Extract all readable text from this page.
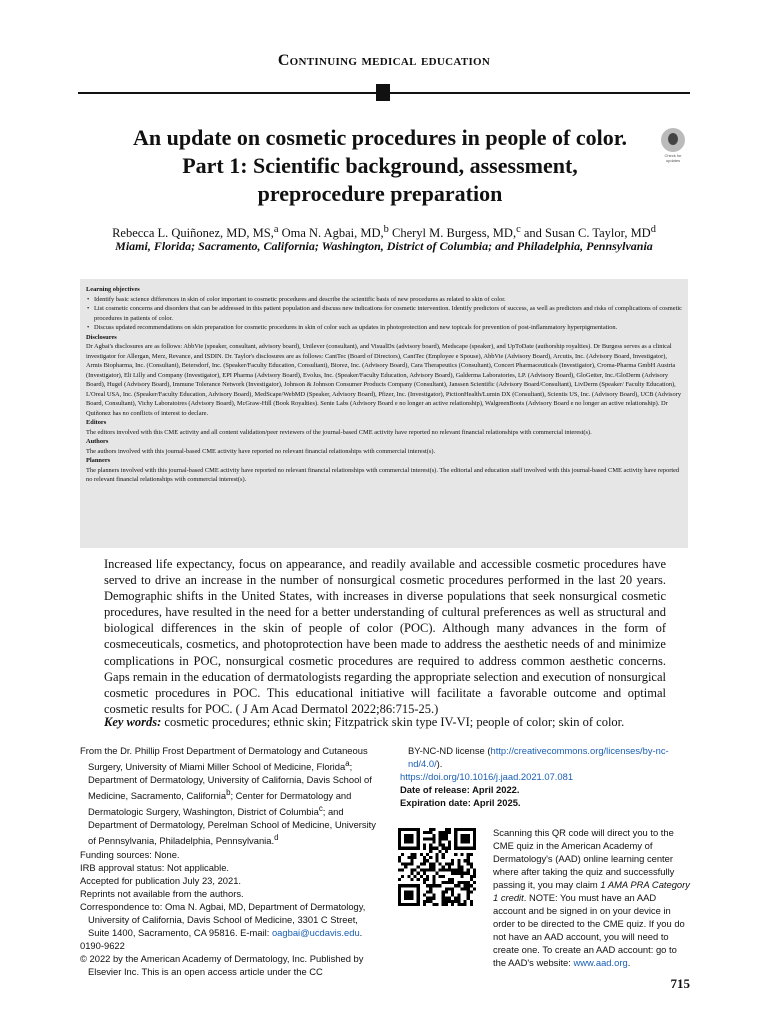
Continuing medical education
An update on cosmetic procedures in people of color. Part 1: Scientific background, assessment, preprocedure preparation
Check for updates
Rebecca L. Quiñonez, MD, MS,$^a$ Oma N. Agbai, MD,$^b$ Cheryl M. Burgess, MD,$^c$ and Susan C. Taylor, $MD^d$
Miami, Florida; Sacramento, California; Washington, District of Columbia; and Philadelphia, Pennsylvania
Learning objectives
• Identify basic science differences in skin of color important to cosmetic procedures and describe the scientific basis of new procedures as related to skin of color.
• List cosmetic concerns and disorders that can be addressed in this patient population and discuss new indications for cosmetic intervention. Identify predictors of success, as well as predictors and risks of complications of cosmetic procedures in patients of color.
• Discuss updated recommendations on skin preparation for cosmetic procedures in skin of color such as updates in photoprotection and new topicals for prevention of post-inflammatory hyperpigmentation.
Disclosures

Dr Agbai's disclosures are as follows: AbbVie (speaker, consultant, advisory board), Unilever (consultant), and VisualDx (advisory board), Medscape (speaker), and UpToDate (authorship royalties). Dr Burgess serves as a clinical investigator for Allergan, Merz, Revance, and ISDIN. Dr. Taylor's disclosures are as follows: CantTec (Board of Directors), CantTec (Employee e Spouse), AbbVie (Advisory Board), Arcutis, Inc. (Advisory Board, Investigator), Armis Biopharma, Inc. (Consultant), Beiersdorf, Inc. (Speaker/Faculty Education, Consultant), Biorez, Inc. (Advisory Board), Cara Therapeutics (Consultant), Concert Pharmaceuticals (Investigator), Croma-Pharma GmbH Austria (Investigator), Eli Lilly and Company (Investigator), EPI Pharma (Advisory Board), Evolus, Inc. (Speaker/Faculty Education, Advisory Board), Galderma Laboratories, LP. (Advisory Board), GloGetter, Inc./GloDerm (Advisory Board), Hugel (Advisory Board), Immune Tolerance Network (Investigator), Johnson & Johnson Consumer Products Company (Consultant), Janssen Scientific (Advisory Board/Consultant), LivDerm (Speaker/ Faculty Education), L'Oreal USA, Inc. (Speaker/Faculty Education, Advisory Board), MedScape/WebMD (Speaker, Advisory Board), Pfizer, Inc. (Investigator), PictionHealth/Lumin DX (Consultant), Scientis US, Inc. (Advisory Board), UCB (Advisory Board, Consultant), Vichy Laboratoires (Advisory Board), McGraw-Hill (Book Royalties). Sente Labs (Advisory Board e no longer an active relationship), WalgreenBoots (Advisory Board e no longer an active relationship). Dr Quiñonez has no conflicts of interest to declare.

Editors

The editors involved with this CME activity and all content validation/peer reviewers of the journal-based CME activity have reported no relevant financial relationships with commercial interest(s).

Authors

The authors involved with this journal-based CME activity have reported no relevant financial relationships with commercial interest(s).

Planners

The planners involved with this journal-based CME activity have reported no relevant financial relationships with commercial interest(s). The editorial and education staff involved with this journal-based CME activity have reported no relevant financial relationships with commercial interest(s).

Increased life expectancy, focus on appearance, and readily available and accessible cosmetic procedures have served to drive an increase in the number of nonsurgical cosmetic procedures performed in the last 20 years. Demographic shifts in the United States, with increases in diverse populations that seek nonsurgical cosmetic procedures, have resulted in the need for a better understanding of cultural preferences as well as structural and biological differences in the skin of people of color (POC). Although many advances in the form of cosmeceuticals, cosmetics, and photoprotection have been made to address the aesthetic needs of and minimize complications in POC, nonsurgical cosmetic procedures are required to address common aesthetic concerns. Gaps remain in the education of dermatologists regarding the appropriate selection and execution of nonsurgical cosmetic procedures in POC. This educational initiative will facilitate a favorable outcome and optimal cosmetic results for POC. ( J Am Acad Dermatol 2022;86:715-25.)

Key words: cosmetic procedures; ethnic skin; Fitzpatrick skin type IV-VI; people of color; skin of color.

From the Dr. Phillip Frost Department of Dermatology and Cutaneous Surgery, University of Miami Miller School of Medicine, Florida$^a$; Department of Dermatology, University of California, Davis School of Medicine, Sacramento, California$^b$; Center for Dermatology and Dermatologic Surgery, Washington, District of Columbia$^c$; and Department of Dermatology, Perelman School of Medicine, University of Pennsylvania, Philadelphia, Pennsylvania.$^d$
Funding sources: None.
IRB approval status: Not applicable.
Accepted for publication July 23, 2021.
Reprints not available from the authors.
Correspondence to: Oma N. Agbai, MD, Department of Dermatology, University of California, Davis School of Medicine, 3301 C Street, Suite 1400, Sacramento, CA 95816. E-mail: oagbai@ucdavis.edu.
0190-9622
© 2022 by the American Academy of Dermatology, Inc. Published by Elsevier Inc. This is an open access article under the CC
BY-NC-ND license (http://creativecommons.org/licenses/by-nc-nd/4.0/).
https://doi.org/10.1016/j.jaad.2021.07.081
Date of release: April 2022.
Expiration date: April 2025.
Scanning this QR code will direct you to the CME quiz in the American Academy of Dermatology's (AAD) online learning center where after taking the quiz and successfully passing it, you may claim 1 AMA PRA Category 1 credit. NOTE: You must have an AAD account and be signed in on your device in order to be directed to the CME quiz. If you do not have an AAD account, you will need to create one. To create an AAD account: go to the AAD's website: www.aad.org.
715
